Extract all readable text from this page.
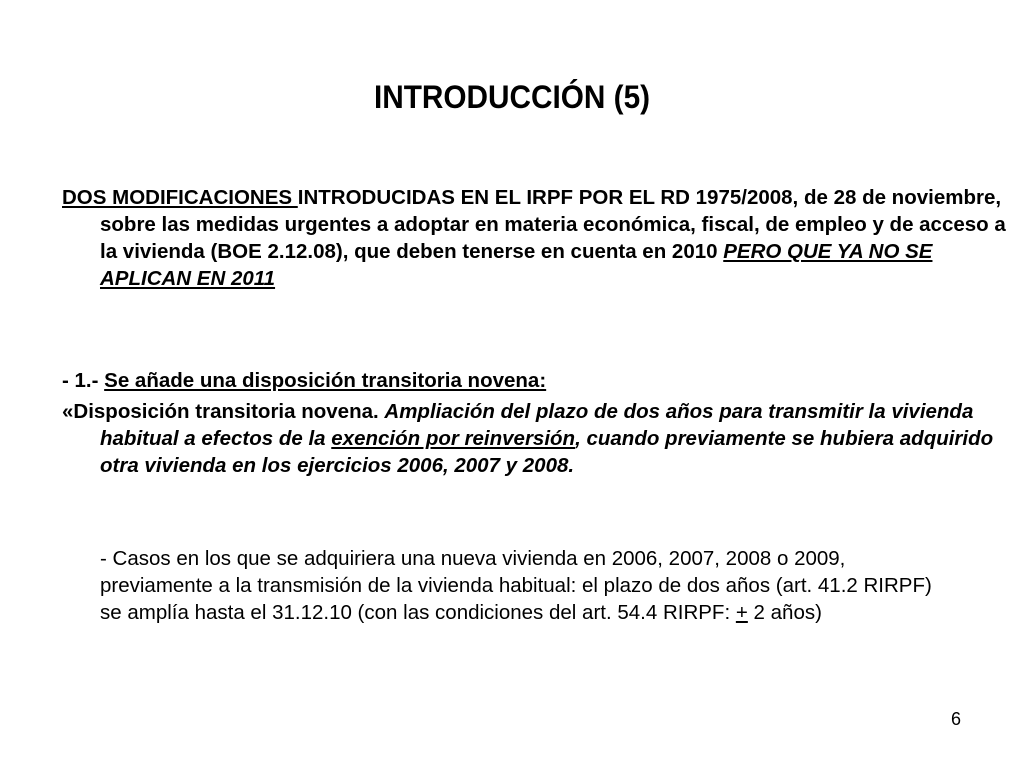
INTRODUCCIÓN (5)
DOS MODIFICACIONES INTRODUCIDAS EN EL IRPF POR EL RD 1975/2008, de 28 de noviembre, sobre las medidas urgentes a adoptar en materia económica, fiscal, de empleo y de acceso a la vivienda (BOE 2.12.08), que deben tenerse en cuenta en 2010 PERO QUE YA NO SE APLICAN EN 2011
- 1.- Se añade una disposición transitoria novena:
«Disposición transitoria novena. Ampliación del plazo de dos años para transmitir la vivienda habitual a efectos de la exención por reinversión, cuando previamente se hubiera adquirido otra vivienda en los ejercicios 2006, 2007 y 2008.
- Casos en los que se adquiriera una nueva vivienda en 2006, 2007, 2008 o 2009, previamente a la transmisión de la vivienda habitual: el plazo de dos años (art. 41.2 RIRPF) se amplía hasta el 31.12.10 (con las condiciones del art. 54.4 RIRPF: + 2 años)
6
